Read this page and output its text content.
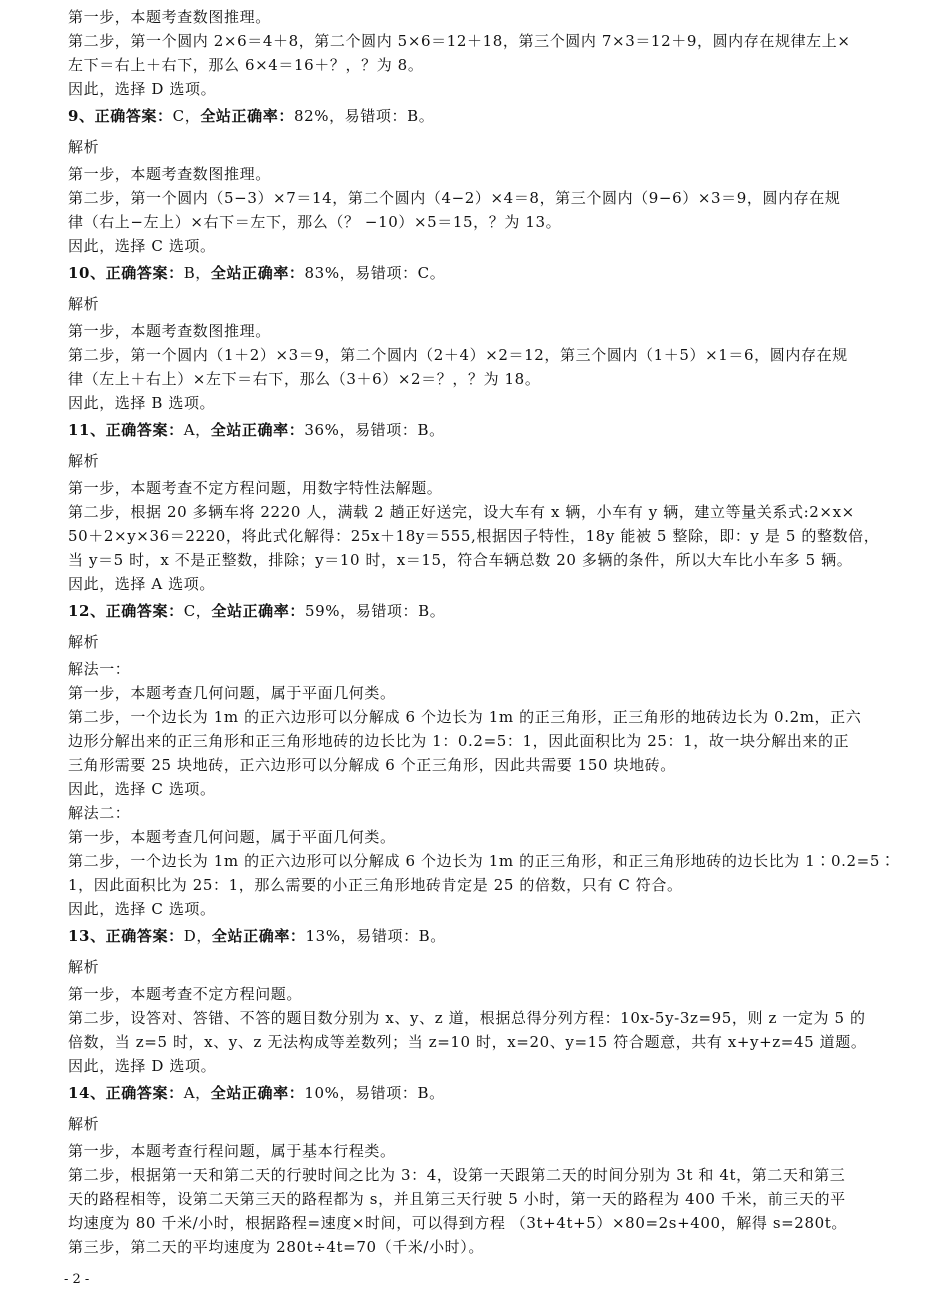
第一步，本题考查数图推理。
第二步，第一个圆内 2×6＝4＋8，第二个圆内 5×6＝12＋18，第三个圆内 7×3＝12＋9，圆内存在规律左上×
左下＝右上＋右下，那么 6×4＝16＋？，？为 8。
因此，选择 D 选项。
9、正确答案：C，全站正确率：82%，易错项：B。
解析
第一步，本题考查数图推理。
第二步，第一个圆内（5−3）×7＝14，第二个圆内（4−2）×4＝8，第三个圆内（9−6）×3＝9，圆内存在规
律（右上−左上）×右下＝左下，那么（？ −10）×5＝15，？为 13。
因此，选择 C 选项。
10、正确答案：B，全站正确率：83%，易错项：C。
解析
第一步，本题考查数图推理。
第二步，第一个圆内（1＋2）×3＝9，第二个圆内（2＋4）×2＝12，第三个圆内（1＋5）×1＝6，圆内存在规
律（左上＋右上）×左下＝右下，那么（3＋6）×2＝？，？为 18。
因此，选择 B 选项。
11、正确答案：A，全站正确率：36%，易错项：B。
解析
第一步，本题考查不定方程问题，用数字特性法解题。
第二步，根据 20 多辆车将 2220 人，满载 2 趟正好送完，设大车有 x 辆，小车有 y 辆，建立等量关系式:2×x×
50＋2×y×36＝2220，将此式化解得：25x＋18y＝555,根据因子特性，18y 能被 5 整除，即：y 是 5 的整数倍，
当 y＝5 时，x 不是正整数，排除；y＝10 时，x＝15，符合车辆总数 20 多辆的条件，所以大车比小车多 5 辆。
因此，选择 A 选项。
12、正确答案：C，全站正确率：59%，易错项：B。
解析
解法一：
第一步，本题考查几何问题，属于平面几何类。
第二步，一个边长为 1m 的正六边形可以分解成 6 个边长为 1m 的正三角形，正三角形的地砖边长为 0.2m，正六
边形分解出来的正三角形和正三角形地砖的边长比为 1：0.2=5：1，因此面积比为 25：1，故一块分解出来的正
三角形需要 25 块地砖，正六边形可以分解成 6 个正三角形，因此共需要 150 块地砖。
因此，选择 C 选项。
解法二：
第一步，本题考查几何问题，属于平面几何类。
第二步，一个边长为 1m 的正六边形可以分解成 6 个边长为 1m 的正三角形，和正三角形地砖的边长比为 1∶0.2=5∶
1，因此面积比为 25：1，那么需要的小正三角形地砖肯定是 25 的倍数，只有 C 符合。
因此，选择 C 选项。
13、正确答案：D，全站正确率：13%，易错项：B。
解析
第一步，本题考查不定方程问题。
第二步，设答对、答错、不答的题目数分别为 x、y、z 道，根据总得分列方程：10x-5y-3z=95，则 z 一定为 5 的
倍数，当 z=5 时，x、y、z 无法构成等差数列；当 z=10 时，x=20、y=15 符合题意，共有 x+y+z=45 道题。
因此，选择 D 选项。
14、正确答案：A，全站正确率：10%，易错项：B。
解析
第一步，本题考查行程问题，属于基本行程类。
第二步，根据第一天和第二天的行驶时间之比为 3：4，设第一天跟第二天的时间分别为 3t 和 4t，第二天和第三
天的路程相等，设第二天第三天的路程都为 s，并且第三天行驶 5 小时，第一天的路程为 400 千米，前三天的平
均速度为 80 千米/小时，根据路程=速度×时间，可以得到方程 （3t+4t+5）×80=2s+400，解得 s=280t。
第三步，第二天的平均速度为 280t÷4t=70（千米/小时）。
- 2 -
